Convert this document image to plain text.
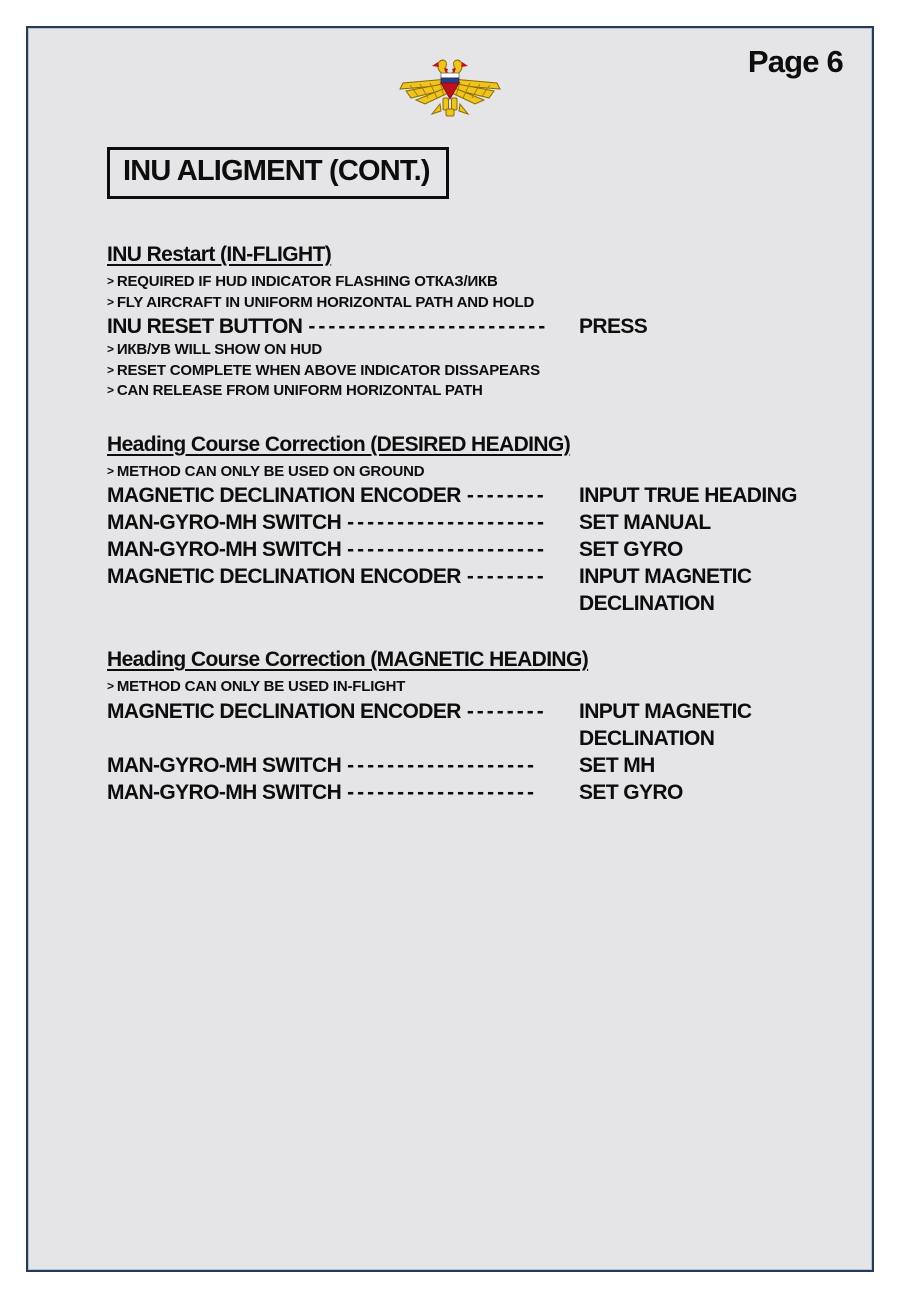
Page 6
INU ALIGMENT (CONT.)
INU Restart (IN-FLIGHT)
> REQUIRED IF HUD INDICATOR FLASHING ОТКАЗ/ИКВ
> FLY AIRCRAFT IN UNIFORM HORIZONTAL PATH AND HOLD
INU RESET BUTTON ------------------------	PRESS
> ИКВ/УВ WILL SHOW ON HUD
> RESET COMPLETE WHEN ABOVE INDICATOR DISSAPEARS
> CAN RELEASE FROM UNIFORM HORIZONTAL PATH
Heading Course Correction (DESIRED HEADING)
> METHOD CAN ONLY BE USED ON GROUND
MAGNETIC DECLINATION ENCODER --------	INPUT TRUE HEADING
MAN-GYRO-MH SWITCH --------------------	SET MANUAL
MAN-GYRO-MH SWITCH --------------------	SET GYRO
MAGNETIC DECLINATION ENCODER --------	INPUT MAGNETIC DECLINATION
Heading Course Correction (MAGNETIC HEADING)
> METHOD CAN ONLY BE USED IN-FLIGHT
MAGNETIC DECLINATION ENCODER --------	INPUT MAGNETIC DECLINATION
MAN-GYRO-MH SWITCH -------------------	SET MH
MAN-GYRO-MH SWITCH -------------------	SET GYRO
